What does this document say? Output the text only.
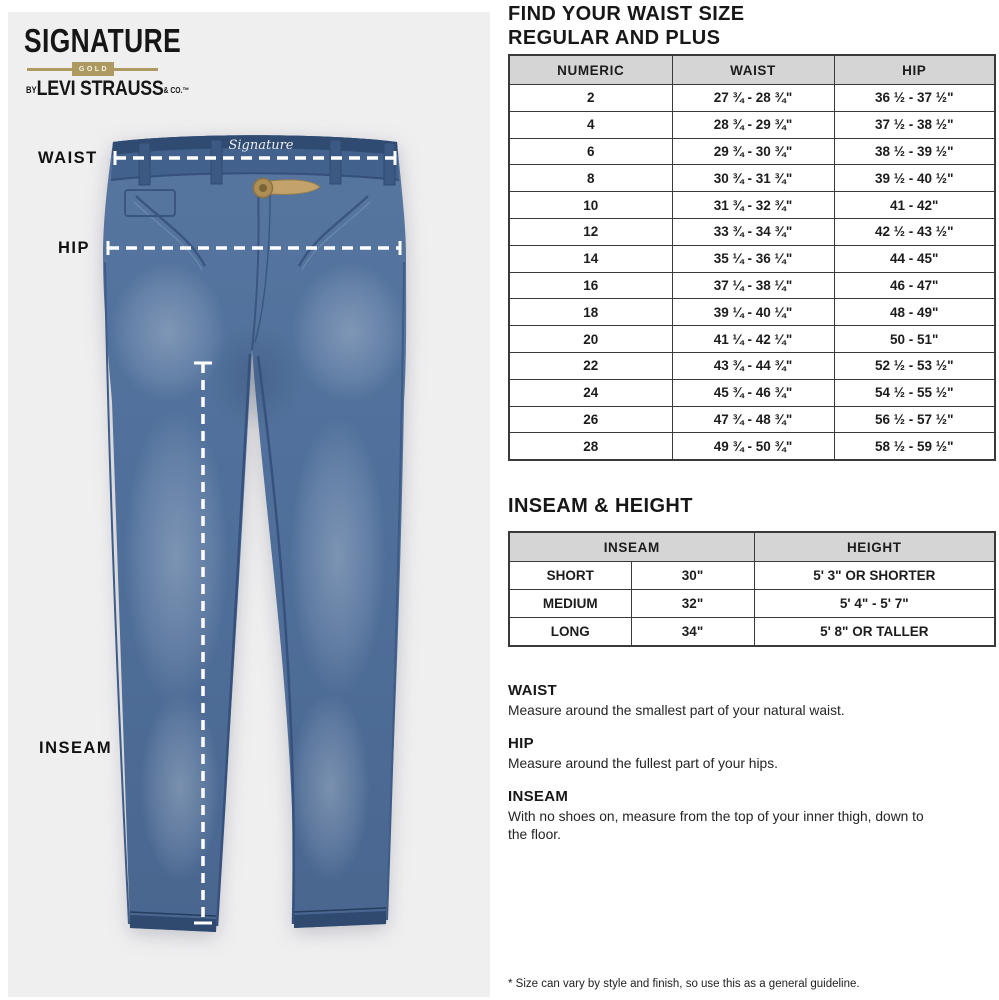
SIGNATURE
GOLD
BYLEVI STRAUSS& CO.™
WAIST
HIP
INSEAM
Signature
FIND YOUR WAIST SIZE
REGULAR AND PLUS
NUMERIC	WAIST	HIP
2	27 ¾ - 28 ¾"	36 ½ - 37 ½"
4	28 ¾ - 29 ¾"	37 ½ - 38 ½"
6	29 ¾ - 30 ¾"	38 ½ - 39 ½"
8	30 ¾ - 31 ¾"	39 ½ - 40 ½"
10	31 ¾ - 32 ¾"	41 - 42"
12	33 ¾ - 34 ¾"	42 ½ - 43 ½"
14	35 ¼ - 36 ¼"	44 - 45"
16	37 ¼ - 38 ¼"	46 - 47"
18	39 ¼ - 40 ¼"	48 - 49"
20	41 ¼ - 42 ¼"	50 - 51"
22	43 ¾ - 44 ¾"	52 ½ - 53 ½"
24	45 ¾ - 46 ¾"	54 ½ - 55 ½"
26	47 ¾ - 48 ¾"	56 ½ - 57 ½"
28	49 ¾ - 50 ¾"	58 ½ - 59 ½"
INSEAM & HEIGHT
INSEAM		HEIGHT
SHORT	30"	5' 3" OR SHORTER
MEDIUM	32"	5' 4" - 5' 7"
LONG	34"	5' 8" OR TALLER

WAIST

Measure around the smallest part of your natural waist.

HIP

Measure around the fullest part of your hips.

INSEAM

With no shoes on, measure from the top of your inner thigh, down to the floor.

* Size can vary by style and finish, so use this as a general guideline.
